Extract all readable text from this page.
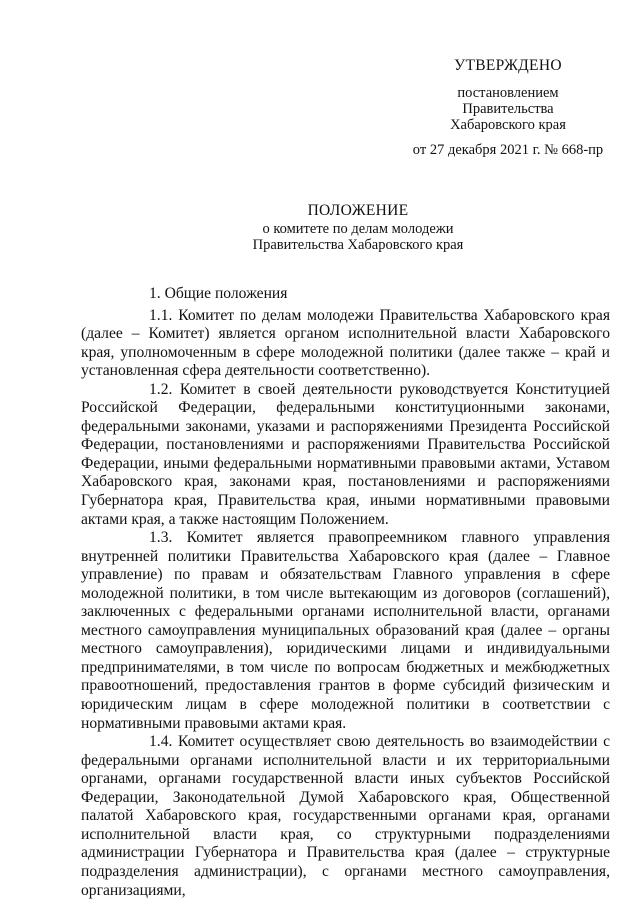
УТВЕРЖДЕНО
постановлением
Правительства
Хабаровского края
от 27 декабря 2021 г. № 668-пр
ПОЛОЖЕНИЕ
о комитете по делам молодежи
Правительства Хабаровского края

1. Общие положения

1.1. Комитет по делам молодежи Правительства Хабаровского края (далее – Комитет) является органом исполнительной власти Хабаровского края, уполномоченным в сфере молодежной политики (далее также – край и установленная сфера деятельности соответственно).

1.2. Комитет в своей деятельности руководствуется Конституцией Российской Федерации, федеральными конституционными законами, федеральными законами, указами и распоряжениями Президента Российской Федерации, постановлениями и распоряжениями Правительства Российской Федерации, иными федеральными нормативными правовыми актами, Уставом Хабаровского края, законами края, постановлениями и распоряжениями Губернатора края, Правительства края, иными нормативными правовыми актами края, а также настоящим Положением.

1.3. Комитет является правопреемником главного управления внутренней политики Правительства Хабаровского края (далее – Главное управление) по правам и обязательствам Главного управления в сфере молодежной политики, в том числе вытекающим из договоров (соглашений), заключенных с федеральными органами исполнительной власти, органами местного самоуправления муниципальных образований края (далее – органы местного самоуправления), юридическими лицами и индивидуальными предпринимателями, в том числе по вопросам бюджетных и межбюджетных правоотношений, предоставления грантов в форме субсидий физическим и юридическим лицам в сфере молодежной политики в соответствии с нормативными правовыми актами края.

1.4. Комитет осуществляет свою деятельность во взаимодействии с федеральными органами исполнительной власти и их территориальными органами, органами государственной власти иных субъектов Российской Федерации, Законодательной Думой Хабаровского края, Общественной палатой Хабаровского края, государственными органами края, органами исполнительной власти края, со структурными подразделениями администрации Губернатора и Правительства края (далее – структурные подразделения администрации), с органами местного самоуправления, организациями,
